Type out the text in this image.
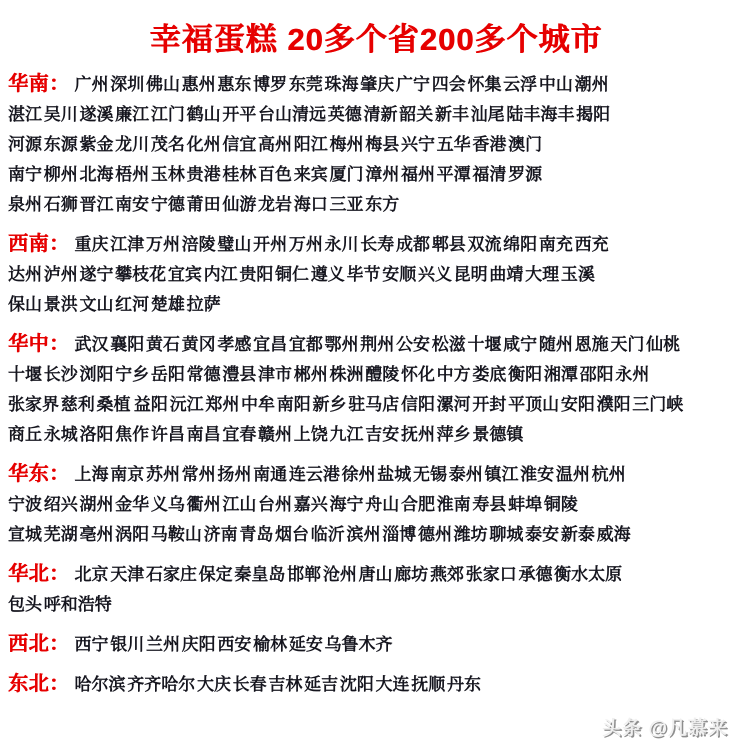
幸福蛋糕 20多个省200多个城市
华南： 广州 深圳 佛山 惠州 惠东 博罗 东莞 珠海 肇庆 广宁 四会 怀集 云浮 中山 潮州
湛江 吴川 遂溪 廉江 江门 鹤山 开平 台山清远 英德 清新 韶关 新丰 汕尾 陆丰海丰 揭阳
河源 东源 紫金 龙川 茂名 化州 信宜 高州 阳江 梅州 梅县 兴宁 五华 香港 澳门
南宁 柳州 北海 梧州 玉林 贵港 桂林 百色 来宾 厦门 漳州 福州 平潭 福清 罗源
泉州 石狮 晋江 南安 宁德 莆田 仙游 龙岩 海口 三亚 东方
西南： 重庆 江津 万州 涪陵 璧山 开州 万州 永川 长寿 成都 郫县 双流 绵阳 南充 西充
达州 泸州 遂宁 攀枝花 宜宾 内江 贵阳 铜仁 遵义 毕节 安顺 兴义 昆明 曲靖 大理 玉溪
保山 景洪 文山 红河 楚雄 拉萨
华中： 武汉 襄阳 黄石 黄冈 孝感 宜昌 宜都 鄂州 荆州 公安 松滋 十堰 咸宁 随州 恩施 天门 仙桃
十堰 长沙 浏阳 宁乡 岳阳 常德 澧县 津市 郴州 株洲 醴陵 怀化 中方 娄底 衡阳 湘潭 邵阳 永州
张家界 慈利 桑植  益阳 沅江 郑州 中牟 南阳 新乡 驻马店 信阳 漯河 开封 平顶山 安阳 濮阳 三门峡
商丘 永城 洛阳 焦作 许昌 南昌 宜春 赣州 上饶 九江 吉安 抚州 萍乡 景德镇
华东： 上海 南京 苏州 常州 扬州 南通 连云港 徐州 盐城 无锡 泰州 镇江 淮安 温州 杭州
宁波 绍兴 湖州 金华 义乌 衢州 江山 台州 嘉兴 海宁 舟山 合肥 淮南 寿县 蚌埠 铜陵
宣城 芜湖 亳州 涡阳 马鞍山 济南 青岛 烟台 临沂 滨州 淄博 德州 潍坊 聊城 泰安 新泰 威海
华北： 北京 天津 石家庄 保定 秦皇岛 邯郸 沧州 唐山 廊坊 燕郊 张家口 承德 衡水太原
包头 呼和浩特
西北： 西宁 银川 兰州 庆阳 西安 榆林 延安 乌鲁木齐
东北： 哈尔滨 齐齐哈尔 大庆 长春 吉林 延吉 沈阳 大连 抚顺 丹东
头条 @凡慕来
